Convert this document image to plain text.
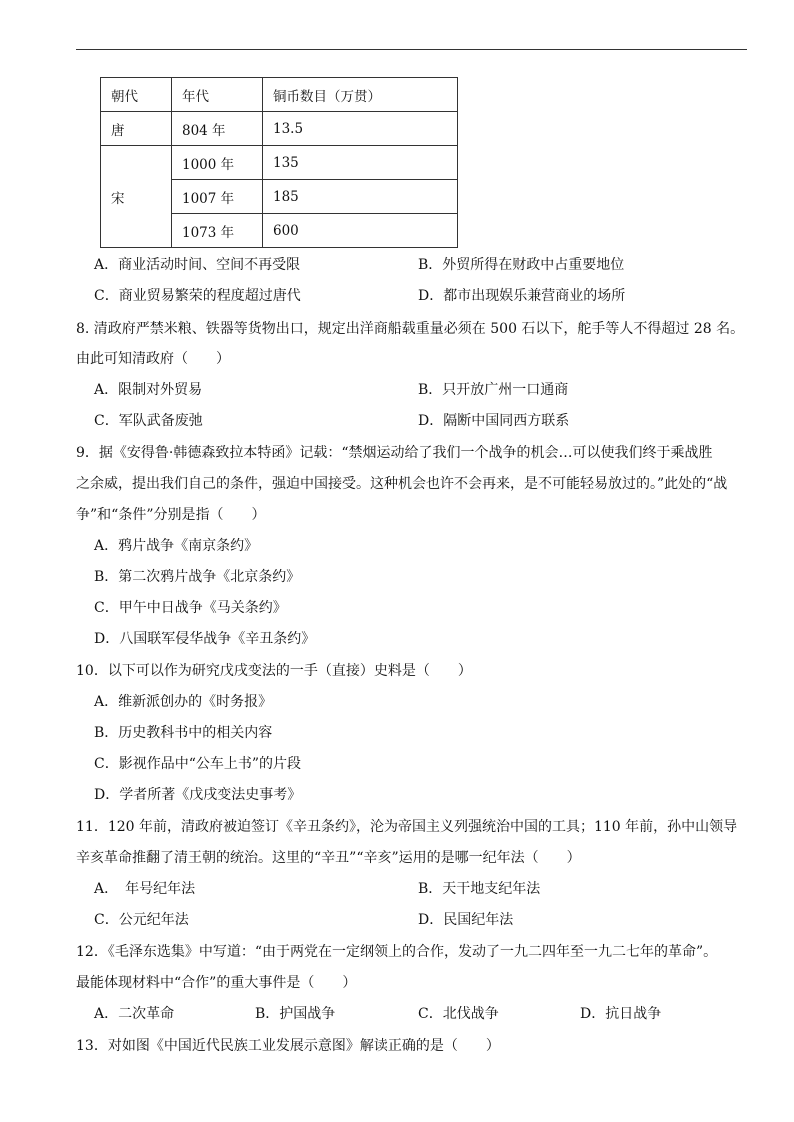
朝代	年代	铜币数目（万贯）
唐	804 年	13.5
宋	1000 年	135
	1007 年	185
	1073 年	600
A．商业活动时间、空间不再受限	B．外贸所得在财政中占重要地位
C．商业贸易繁荣的程度超过唐代	D．都市出现娱乐兼营商业的场所
8. 清政府严禁米粮、铁器等货物出口，规定出洋商船载重量必须在 500 石以下，舵手等人不得超过 28 名。
由此可知清政府（　　）
A．限制对外贸易	B．只开放广州一口通商
C．军队武备废弛	D．隔断中国同西方联系
9．据《安得鲁·韩德森致拉本特函》记载：“禁烟运动给了我们一个战争的机会…可以使我们终于乘战胜
之余威，提出我们自己的条件，强迫中国接受。这种机会也许不会再来，是不可能轻易放过的。”此处的“战
争”和“条件”分别是指（　　）
A．鸦片战争《南京条约》
B．第二次鸦片战争《北京条约》
C．甲午中日战争《马关条约》
D．八国联军侵华战争《辛丑条约》
10．以下可以作为研究戊戌变法的一手（直接）史料是（　　）
A．维新派创办的《时务报》
B．历史教科书中的相关内容
C．影视作品中“公车上书”的片段
D．学者所著《戊戌变法史事考》
11．120 年前，清政府被迫签订《辛丑条约》，沦为帝国主义列强统治中国的工具；110 年前，孙中山领导
辛亥革命推翻了清王朝的统治。这里的“辛丑”“辛亥”运用的是哪一纪年法（　　）
A．　年号纪年法	B．天干地支纪年法
C．公元纪年法	D．民国纪年法
12．《毛泽东选集》中写道：“由于两党在一定纲领上的合作，发动了一九二四年至一九二七年的革命”。
最能体现材料中“合作”的重大事件是（　　）
A．二次革命	B．护国战争	C．北伐战争	D．抗日战争
13．对如图《中国近代民族工业发展示意图》解读正确的是（　　）
